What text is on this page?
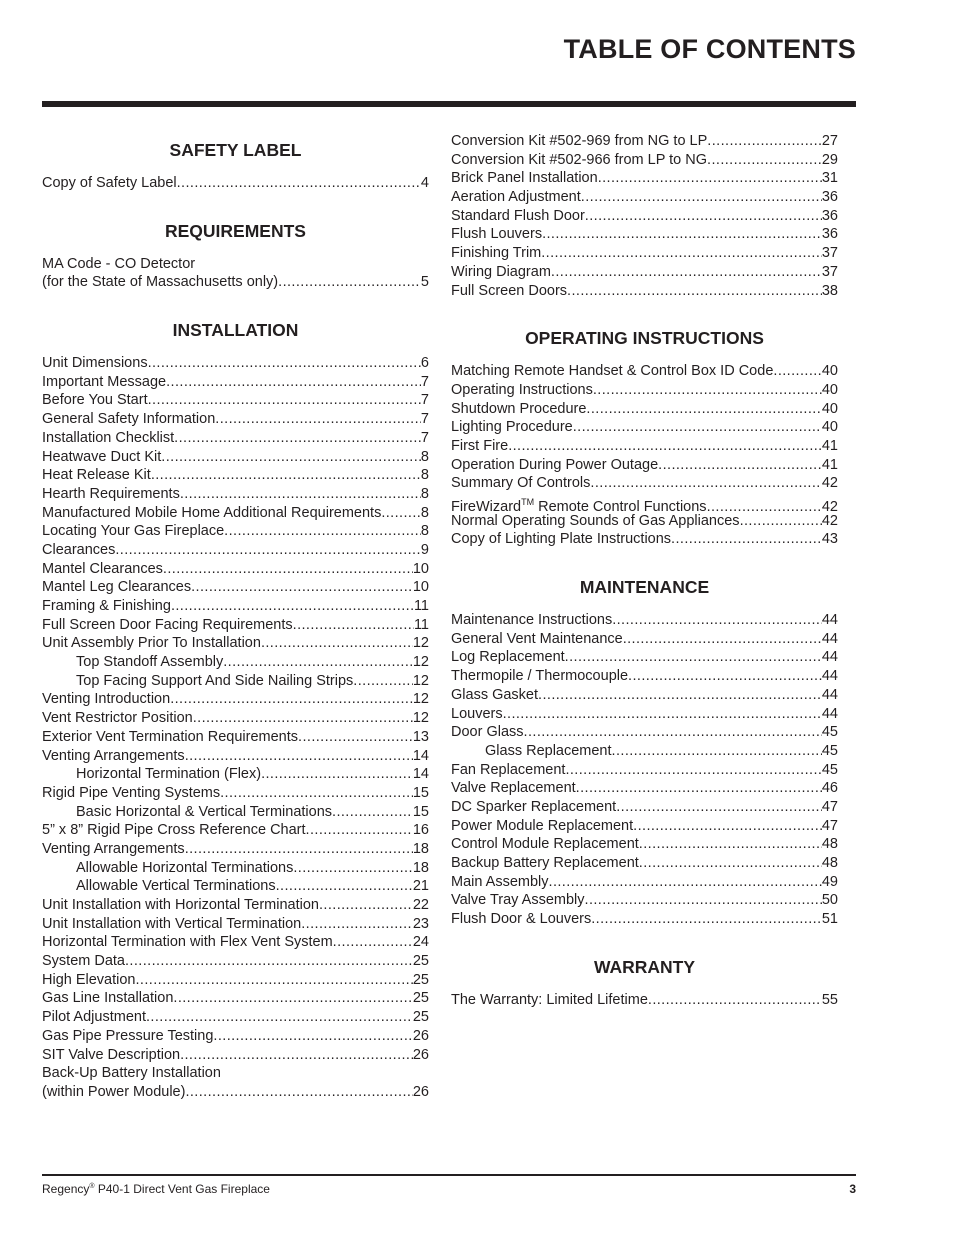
TABLE OF CONTENTS
SAFETY LABEL
Copy of Safety Label .....	4
REQUIREMENTS
MA Code - CO Detector
(for the State of Massachusetts only) .....	5
INSTALLATION
Unit Dimensions .....	6
Important Message .....	7
Before You Start .....	7
General Safety Information .....	7
Installation Checklist .....	7
Heatwave Duct Kit .....	8
Heat Release Kit .....	8
Hearth Requirements .....	8
Manufactured Mobile Home Additional Requirements .....	8
Locating Your Gas Fireplace .....	8
Clearances .....	9
Mantel Clearances .....	10
Mantel Leg Clearances .....	10
Framing & Finishing .....	11
Full Screen Door Facing Requirements .....	11
Unit Assembly Prior To Installation .....	12
Top Standoff Assembly .....	12
Top Facing Support And Side Nailing Strips .....	12
Venting Introduction .....	12
Vent Restrictor Position .....	12
Exterior Vent Termination Requirements .....	13
Venting Arrangements .....	14
Horizontal Termination (Flex) .....	14
Rigid Pipe Venting Systems .....	15
Basic Horizontal & Vertical Terminations .....	15
5” x 8” Rigid Pipe Cross Reference Chart .....	16
Venting Arrangements .....	18
Allowable Horizontal Terminations .....	18
Allowable Vertical Terminations .....	21
Unit Installation with Horizontal Termination .....	22
Unit Installation with Vertical Termination .....	23
Horizontal Termination with Flex Vent System .....	24
System Data .....	25
High Elevation .....	25
Gas Line Installation .....	25
Pilot Adjustment .....	25
Gas Pipe Pressure Testing .....	26
SIT Valve Description .....	26
Back-Up Battery Installation
(within Power Module) .....	26
Conversion Kit #502-969 from NG to LP .....	27
Conversion Kit #502-966 from LP to NG .....	29
Brick Panel Installation .....	31
Aeration Adjustment .....	36
Standard Flush Door .....	36
Flush Louvers .....	36
Finishing Trim .....	37
Wiring Diagram .....	37
Full Screen Doors .....	38
OPERATING INSTRUCTIONS
Matching Remote Handset & Control Box ID Code .....	40
Operating Instructions .....	40
Shutdown Procedure .....	40
Lighting Procedure .....	40
First Fire .....	41
Operation During Power Outage .....	41
Summary Of Controls .....	42
FireWizard™ Remote Control Functions .....	42
Normal Operating Sounds of Gas Appliances .....	42
Copy of Lighting Plate Instructions .....	43
MAINTENANCE
Maintenance Instructions .....	44
General Vent Maintenance .....	44
Log Replacement .....	44
Thermopile / Thermocouple .....	44
Glass Gasket .....	44
Louvers .....	44
Door Glass .....	45
Glass Replacement .....	45
Fan Replacement .....	45
Valve Replacement .....	46
DC Sparker Replacement .....	47
Power Module Replacement .....	47
Control Module Replacement .....	48
Backup Battery Replacement .....	48
Main Assembly .....	49
Valve Tray Assembly .....	50
Flush Door & Louvers .....	51
WARRANTY
The Warranty: Limited Lifetime .....	55
Regency® P40-1 Direct Vent Gas Fireplace	3
